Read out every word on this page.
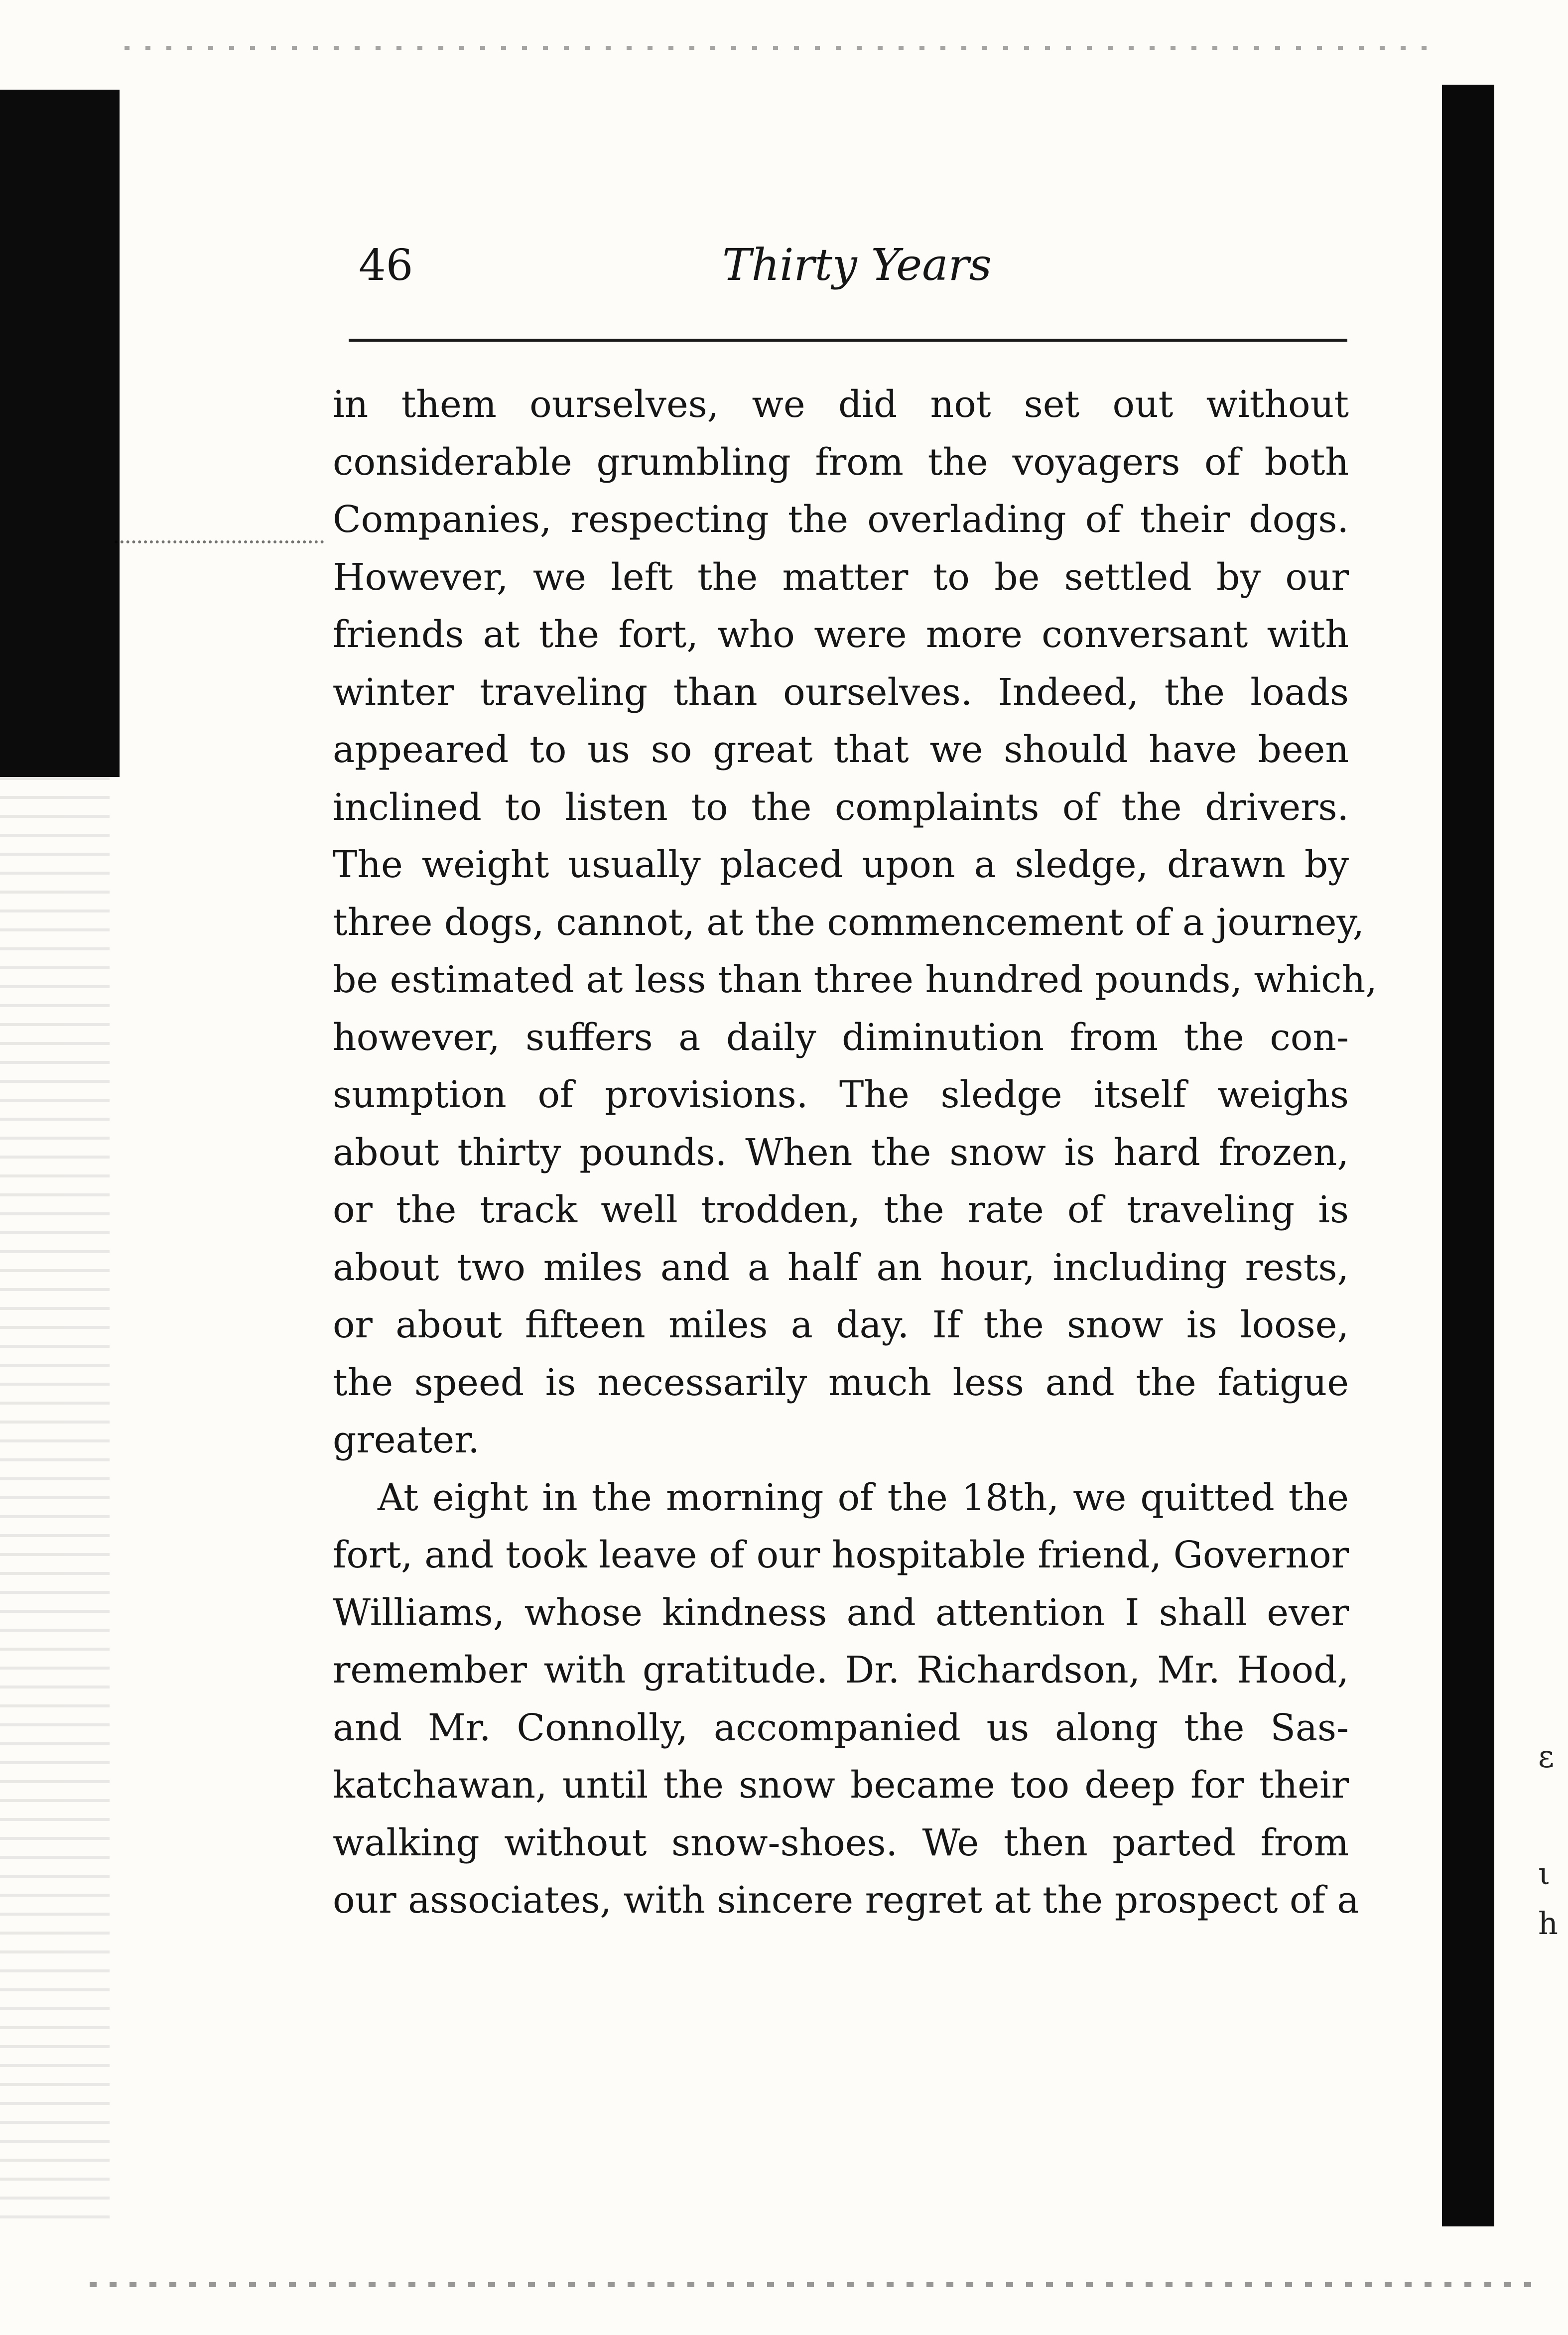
ε
ι
h
46	Thirty Years
in them ourselves, we did not set out without
considerable grumbling from the voyagers of both
Companies, respecting the overlading of their dogs.
However, we left the matter to be settled by our
friends at the fort, who were more conversant with
winter traveling than ourselves. Indeed, the loads
appeared to us so great that we should have been
inclined to listen to the complaints of the drivers.
The weight usually placed upon a sledge, drawn by
three dogs, cannot, at the commencement of a journey,
be estimated at less than three hundred pounds, which,
however, suffers a daily diminution from the con-
sumption of provisions. The sledge itself weighs
about thirty pounds. When the snow is hard frozen,
or the track well trodden, the rate of traveling is
about two miles and a half an hour, including rests,
or about fifteen miles a day. If the snow is loose,
the speed is necessarily much less and the fatigue
greater.
At eight in the morning of the 18th, we quitted the
fort, and took leave of our hospitable friend, Governor
Williams, whose kindness and attention I shall ever
remember with gratitude. Dr. Richardson, Mr. Hood,
and Mr. Connolly, accompanied us along the Sas-
katchawan, until the snow became too deep for their
walking without snow-shoes. We then parted from
our associates, with sincere regret at the prospect of a
